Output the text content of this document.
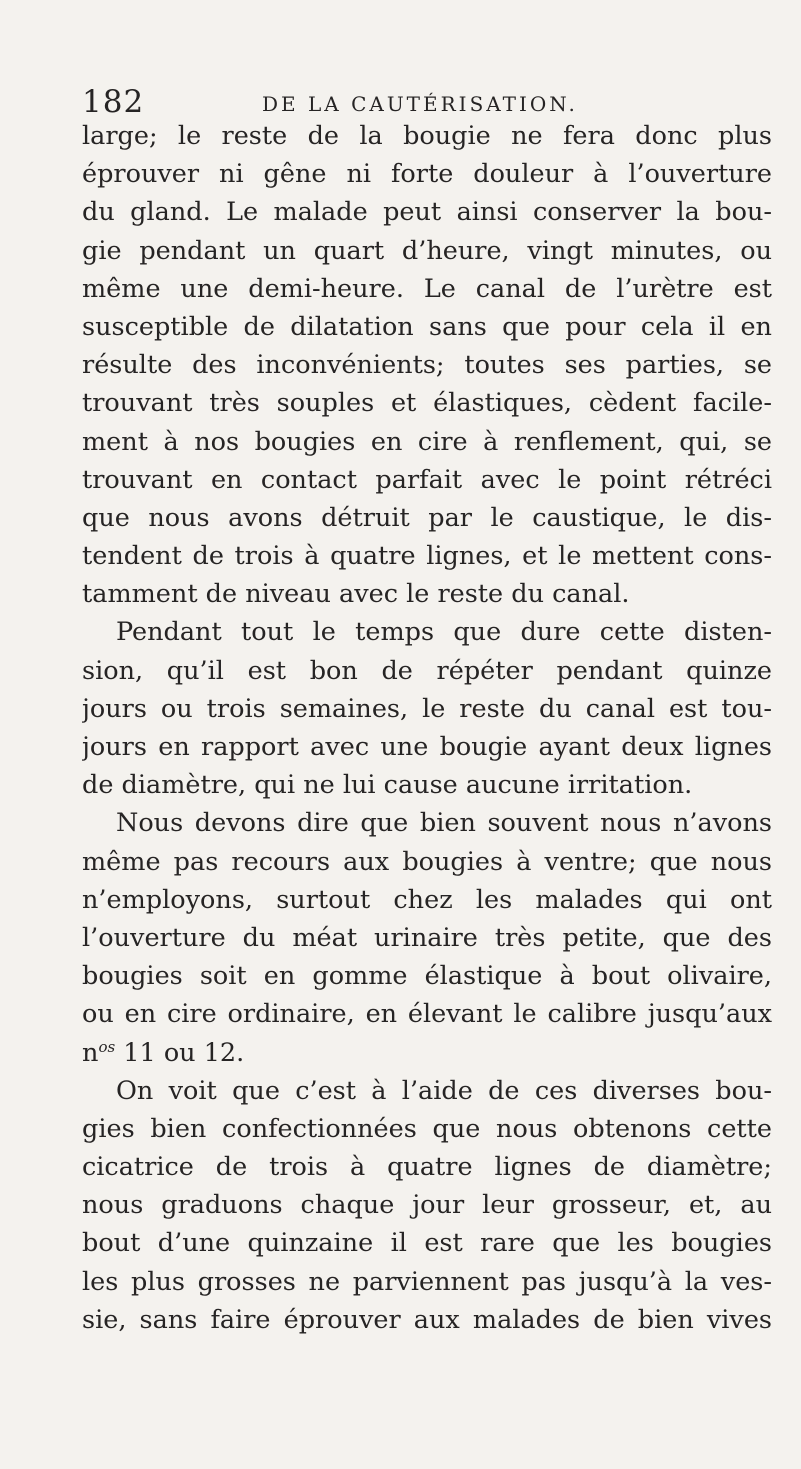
182	DE LA CAUTÉRISATION.
large; le reste de la bougie ne fera donc plus
éprouver ni gêne ni forte douleur à l’ouverture
du gland. Le malade peut ainsi conserver la bou-
gie pendant un quart d’heure, vingt minutes, ou
même une demi-heure. Le canal de l’urètre est
susceptible de dilatation sans que pour cela il en
résulte des inconvénients; toutes ses parties, se
trouvant très souples et élastiques, cèdent facile-
ment à nos bougies en cire à renflement, qui, se
trouvant en contact parfait avec le point rétréci
que nous avons détruit par le caustique, le dis-
tendent de trois à quatre lignes, et le mettent cons-
tamment de niveau avec le reste du canal.
Pendant tout le temps que dure cette disten-
sion, qu’il est bon de répéter pendant quinze
jours ou trois semaines, le reste du canal est tou-
jours en rapport avec une bougie ayant deux lignes
de diamètre, qui ne lui cause aucune irritation.
Nous devons dire que bien souvent nous n’avons
même pas recours aux bougies à ventre; que nous
n’employons, surtout chez les malades qui ont
l’ouverture du méat urinaire très petite, que des
bougies soit en gomme élastique à bout olivaire,
ou en cire ordinaire, en élevant le calibre jusqu’aux
$n^{os}$ 11 ou 12.
On voit que c’est à l’aide de ces diverses bou-
gies bien confectionnées que nous obtenons cette
cicatrice de trois à quatre lignes de diamètre;
nous graduons chaque jour leur grosseur, et, au
bout d’une quinzaine il est rare que les bougies
les plus grosses ne parviennent pas jusqu’à la ves-
sie, sans faire éprouver aux malades de bien vives
